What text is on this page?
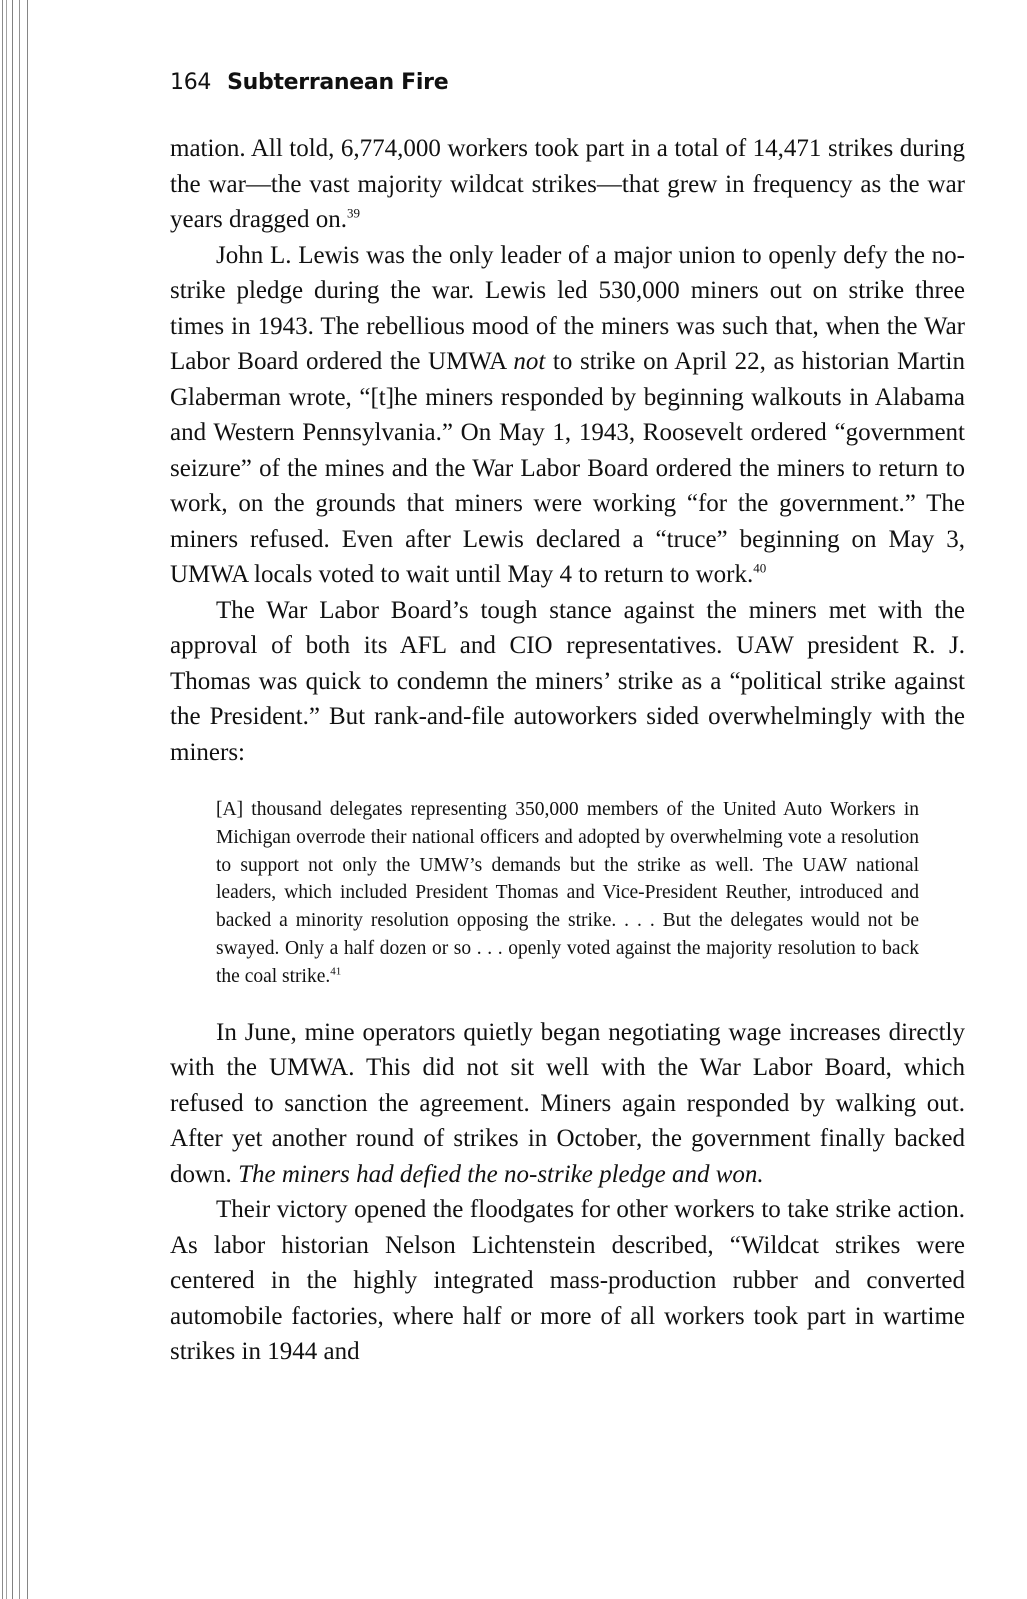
164 Subterranean Fire

mation. All told, 6,774,000 workers took part in a total of 14,471 strikes during the war—the vast majority wildcat strikes—that grew in frequency as the war years dragged on.$^{39}$

John L. Lewis was the only leader of a major union to openly defy the no-strike pledge during the war. Lewis led 530,000 miners out on strike three times in 1943. The rebellious mood of the miners was such that, when the War Labor Board ordered the UMWA not to strike on April 22, as historian Martin Glaberman wrote, “[t]he miners responded by beginning walkouts in Alabama and Western Pennsylvania.” On May 1, 1943, Roosevelt ordered “government seizure” of the mines and the War Labor Board ordered the miners to return to work, on the grounds that miners were working “for the government.” The miners refused. Even after Lewis declared a “truce” beginning on May 3, UMWA locals voted to wait until May 4 to return to work.$^{40}$

The War Labor Board’s tough stance against the miners met with the approval of both its AFL and CIO representatives. UAW president R. J. Thomas was quick to condemn the miners’ strike as a “political strike against the President.” But rank-and-file autoworkers sided overwhelmingly with the miners:

[A] thousand delegates representing 350,000 members of the United Auto Workers in Michigan overrode their national officers and adopted by overwhelming vote a resolution to support not only the UMW’s demands but the strike as well. The UAW national leaders, which included President Thomas and Vice-President Reuther, introduced and backed a minority resolution opposing the strike. . . . But the delegates would not be swayed. Only a half dozen or so . . . openly voted against the majority resolution to back the coal strike.$^{41}$

In June, mine operators quietly began negotiating wage increases directly with the UMWA. This did not sit well with the War Labor Board, which refused to sanction the agreement. Miners again responded by walking out. After yet another round of strikes in October, the government finally backed down. The miners had defied the no-strike pledge and won.

Their victory opened the floodgates for other workers to take strike action. As labor historian Nelson Lichtenstein described, “Wildcat strikes were centered in the highly integrated mass-production rubber and converted automobile factories, where half or more of all workers took part in wartime strikes in 1944 and
